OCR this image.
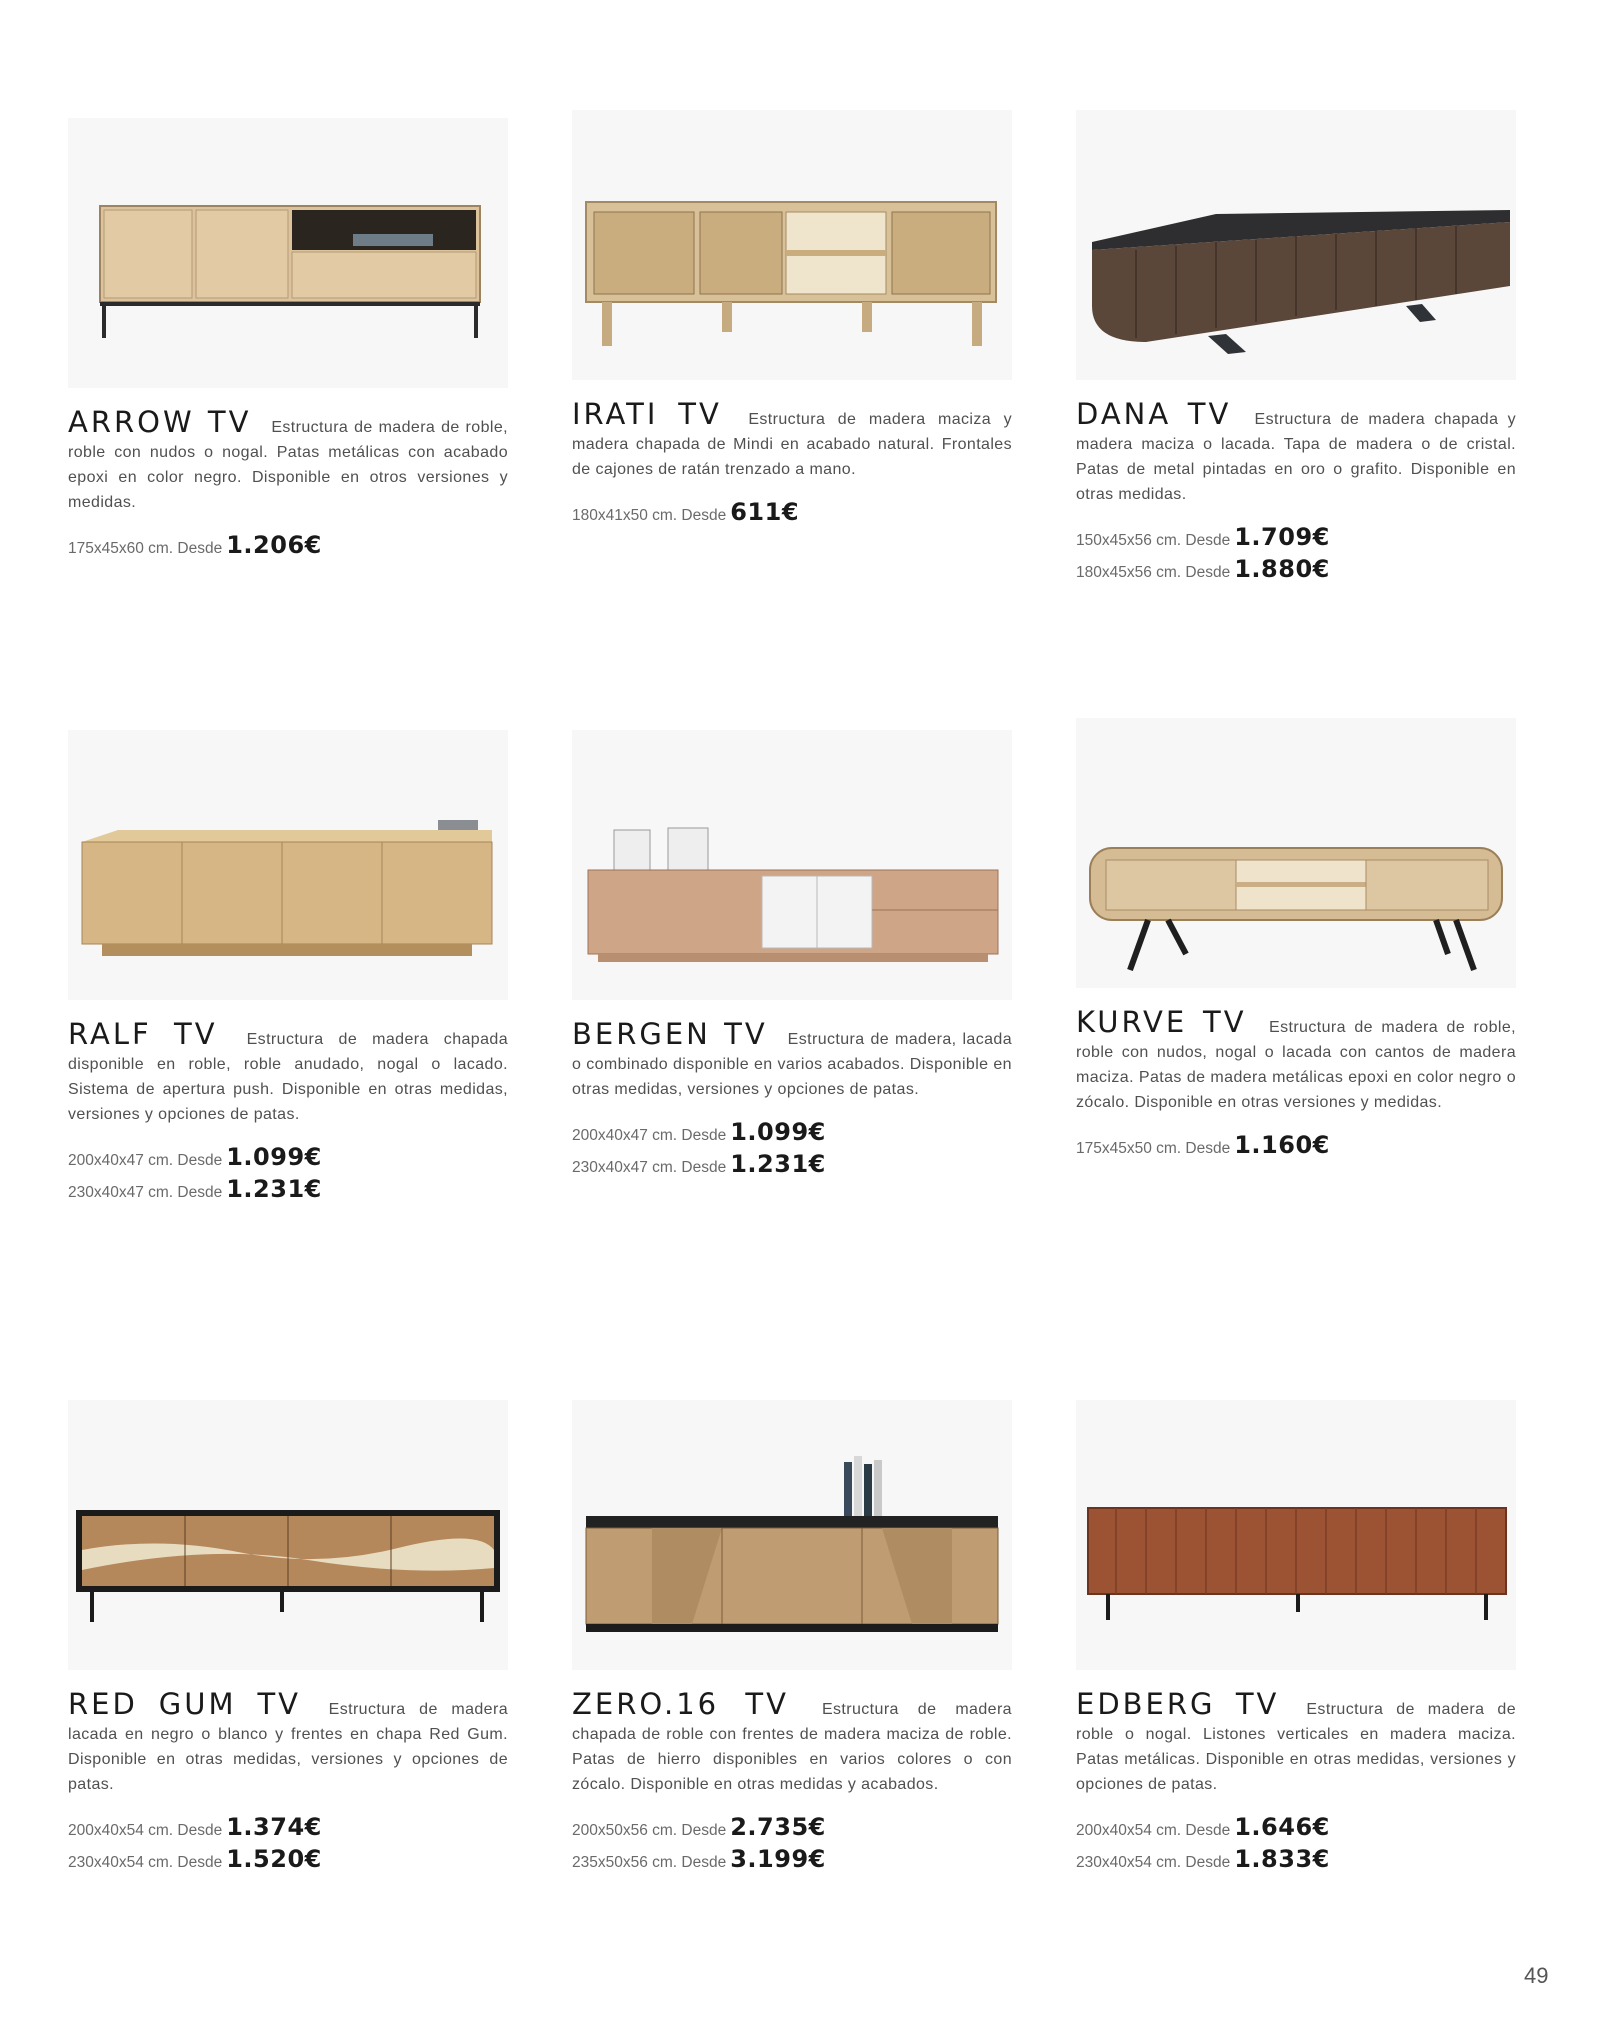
ARROW TV Estructura de madera de roble, roble con nudos o nogal. Patas metálicas con acabado epoxi en color negro. Disponible en otros versiones y medidas.
175x45x60 cm. Desde 1.206€
IRATI TV Estructura de madera maciza y madera chapada de Mindi en acabado natural. Frontales de cajones de ratán trenzado a mano.
180x41x50 cm. Desde 611€
DANA TV Estructura de madera chapada y madera maciza o lacada. Tapa de madera o de cristal. Patas de metal pintadas en oro o grafito. Disponible en otras medidas.
150x45x56 cm. Desde 1.709€
180x45x56 cm. Desde 1.880€
RALF TV Estructura de madera chapada disponible en roble, roble anudado, nogal o lacado. Sistema de apertura push. Disponible en otras medidas, versiones y opciones de patas.
200x40x47 cm. Desde 1.099€
230x40x47 cm. Desde 1.231€
BERGEN TV Estructura de madera, lacada o combinado disponible en varios acabados. Disponible en otras medidas, versiones y opciones de patas.
200x40x47 cm. Desde 1.099€
230x40x47 cm. Desde 1.231€
KURVE TV Estructura de madera de roble, roble con nudos, nogal o lacada con cantos de madera maciza. Patas de madera metálicas epoxi en color negro o zócalo. Disponible en otras versiones y medidas.
175x45x50 cm. Desde 1.160€
RED GUM TV Estructura de madera lacada en negro o blanco y frentes en chapa Red Gum. Disponible en otras medidas, versiones y opciones de patas.
200x40x54 cm. Desde 1.374€
230x40x54 cm. Desde 1.520€
ZERO.16 TV Estructura de madera chapada de roble con frentes de madera maciza de roble. Patas de hierro disponibles en varios colores o con zócalo. Disponible en otras medidas y acabados.
200x50x56 cm. Desde 2.735€
235x50x56 cm. Desde 3.199€
EDBERG TV Estructura de madera de roble o nogal. Listones verticales en madera maciza. Patas metálicas. Disponible en otras medidas, versiones y opciones de patas.
200x40x54 cm. Desde 1.646€
230x40x54 cm. Desde 1.833€
49
